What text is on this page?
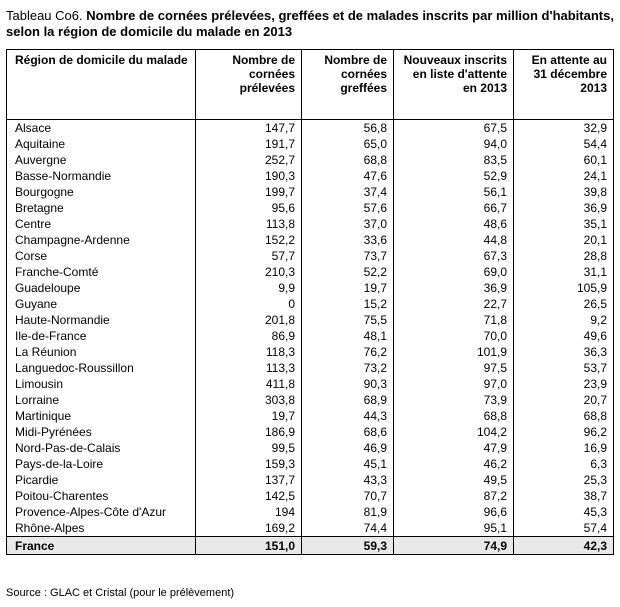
Tableau Co6. Nombre de cornées prélevées, greffées et de malades inscrits par million d'habitants, selon la région de domicile du malade en 2013
Région de domicile du malade	Nombre de cornées prélevées	Nombre de cornées greffées	Nouveaux inscrits en liste d'attente en 2013	En attente au 31 décembre 2013
Alsace	147,7	56,8	67,5	32,9
Aquitaine	191,7	65,0	94,0	54,4
Auvergne	252,7	68,8	83,5	60,1
Basse-Normandie	190,3	47,6	52,9	24,1
Bourgogne	199,7	37,4	56,1	39,8
Bretagne	95,6	57,6	66,7	36,9
Centre	113,8	37,0	48,6	35,1
Champagne-Ardenne	152,2	33,6	44,8	20,1
Corse	57,7	73,7	67,3	28,8
Franche-Comté	210,3	52,2	69,0	31,1
Guadeloupe	9,9	19,7	36,9	105,9
Guyane	0	15,2	22,7	26,5
Haute-Normandie	201,8	75,5	71,8	9,2
Ile-de-France	86,9	48,1	70,0	49,6
La Réunion	118,3	76,2	101,9	36,3
Languedoc-Roussillon	113,3	73,2	97,5	53,7
Limousin	411,8	90,3	97,0	23,9
Lorraine	303,8	68,9	73,9	20,7
Martinique	19,7	44,3	68,8	68,8
Midi-Pyrénées	186,9	68,6	104,2	96,2
Nord-Pas-de-Calais	99,5	46,9	47,9	16,9
Pays-de-la-Loire	159,3	45,1	46,2	6,3
Picardie	137,7	43,3	49,5	25,3
Poitou-Charentes	142,5	70,7	87,2	38,7
Provence-Alpes-Côte d'Azur	194	81,9	96,6	45,3
Rhône-Alpes	169,2	74,4	95,1	57,4
France	151,0	59,3	74,9	42,3
Source : GLAC et Cristal (pour le prélèvement)
